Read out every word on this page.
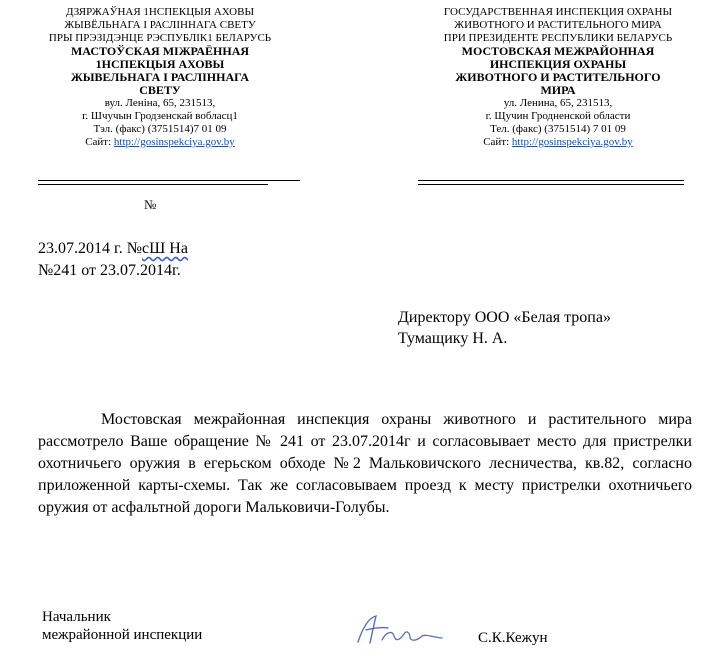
ДЗЯРЖАЎНАЯ 1НСПЕКЦЫЯ АХОВЫ
ЖЫВЁЛЬНАГА І РАСЛІННАГА СВЕТУ
ПРЫ ПРЭЗІДЭНЦЕ РЭСПУБЛІК1 БЕЛАРУСЬ
МАСТОЎСКАЯ МІЖРАЁННАЯ
1НСПЕКЦЫЯ АХОВЫ
ЖЫВЕЛЬНАГА І РАСЛІННАГА
СВЕТУ
вул. Леніна, 65, 231513,
г. Шчучын Гродзенскай вобласц1
Тэл. (факс) (3751514)7 01 09
Сайт: http://gosinspekciya.gov.by
ГОСУДАРСТВЕННАЯ ИНСПЕКЦИЯ ОХРАНЫ
ЖИВОТНОГО И РАСТИТЕЛЬНОГО МИРА
ПРИ ПРЕЗИДЕНТЕ РЕСПУБЛИКИ БЕЛАРУСЬ
МОСТОВСКАЯ МЕЖРАЙОННАЯ
ИНСПЕКЦИЯ ОХРАНЫ
ЖИВОТНОГО И РАСТИТЕЛЬНОГО
МИРА
ул. Ленина, 65, 231513,
г. Щучин Гродненской области
Тел. (факс) (3751514) 7 01 09
Сайт: http://gosinspekciya.gov.by
№
23.07.2014 г. №сШ На
№241 от 23.07.2014г.
Директору ООО «Белая тропа»
Тумащику Н. А.

Мостовская межрайонная инспекция охраны животного и растительного мира рассмотрело Ваше обращение № 241 от 23.07.2014г и согласовывает место для пристрелки охотничьего оружия в егерьском обходе №2 Мальковичского лесничества, кв.82, согласно приложенной карты-схемы. Так же согласовываем проезд к месту пристрелки охотничьего оружия от асфальтной дороги Мальковичи-Голубы.

Начальник
межрайонной инспекции	С.К.Кежун
